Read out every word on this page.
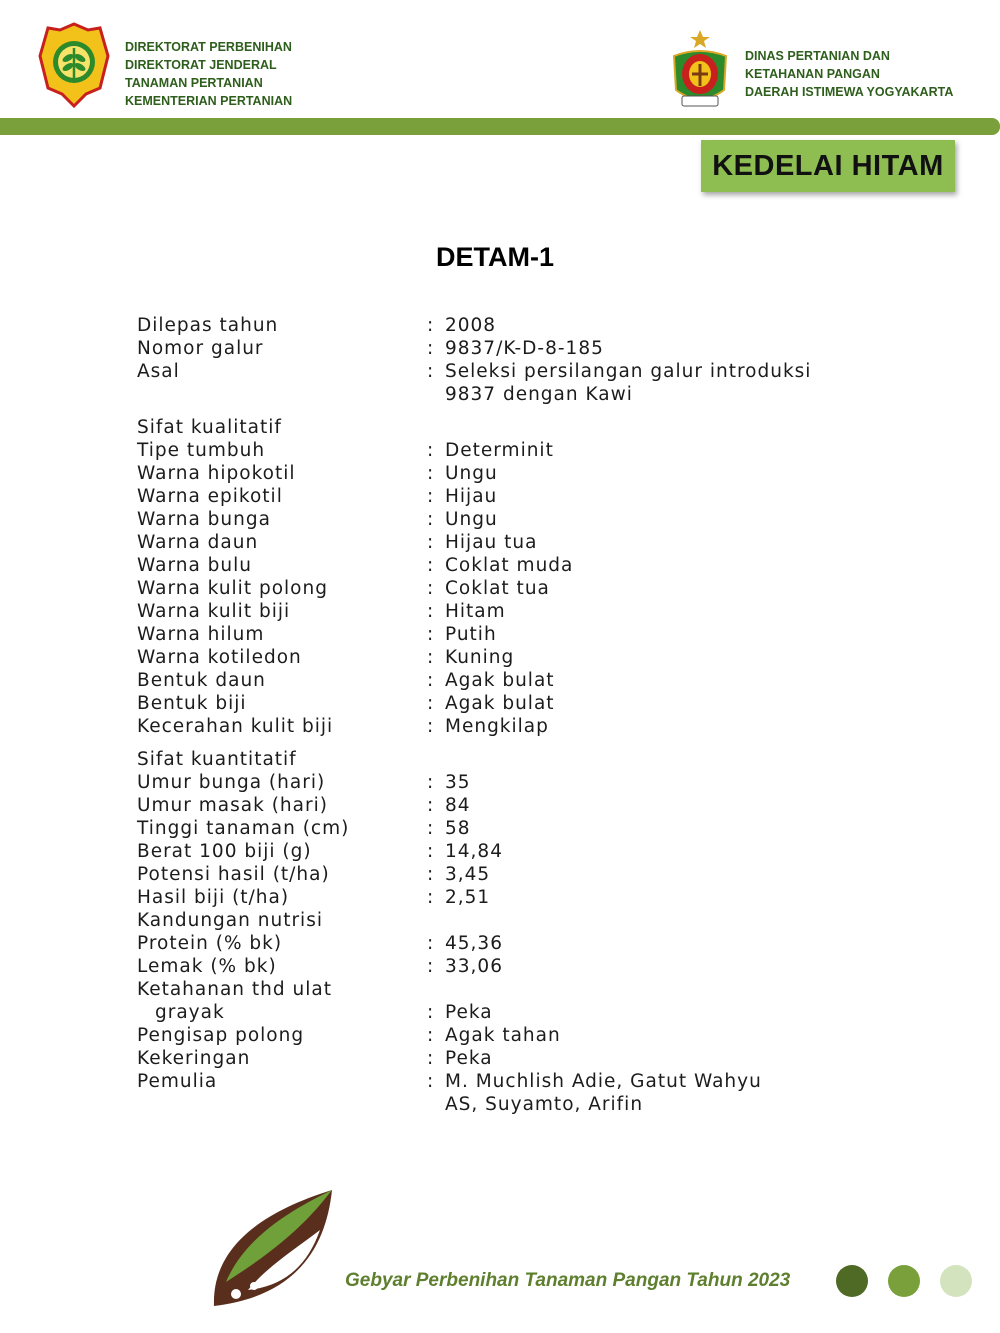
DIREKTORAT PERBENIHAN
DIREKTORAT JENDERAL
TANAMAN PERTANIAN
KEMENTERIAN PERTANIAN
DINAS PERTANIAN DAN
KETAHANAN PANGAN
DAERAH ISTIMEWA YOGYAKARTA
KEDELAI HITAM
DETAM-1
Dilepas tahun	: 2008
Nomor galur	: 9837/K-D-8-185
Asal	: Seleksi persilangan galur introduksi
9837 dengan Kawi
Sifat kualitatif
Tipe tumbuh	: Determinit
Warna hipokotil	: Ungu
Warna epikotil	: Hijau
Warna bunga	: Ungu
Warna daun	: Hijau tua
Warna bulu	: Coklat muda
Warna kulit polong	: Coklat tua
Warna kulit biji	: Hitam
Warna hilum	: Putih
Warna kotiledon	: Kuning
Bentuk daun	: Agak bulat
Bentuk biji	: Agak bulat
Kecerahan kulit biji	: Mengkilap
Sifat kuantitatif
Umur bunga (hari)	: 35
Umur masak (hari)	: 84
Tinggi tanaman (cm)	: 58
Berat 100 biji (g)	: 14,84
Potensi hasil (t/ha)	: 3,45
Hasil biji (t/ha)	: 2,51
Kandungan nutrisi
Protein (% bk)	: 45,36
Lemak (% bk)	: 33,06
Ketahanan thd ulat
grayak	: Peka
Pengisap polong	: Agak tahan
Kekeringan	: Peka
Pemulia	: M. Muchlish Adie, Gatut Wahyu
AS, Suyamto, Arifin
Gebyar Perbenihan Tanaman Pangan Tahun 2023
